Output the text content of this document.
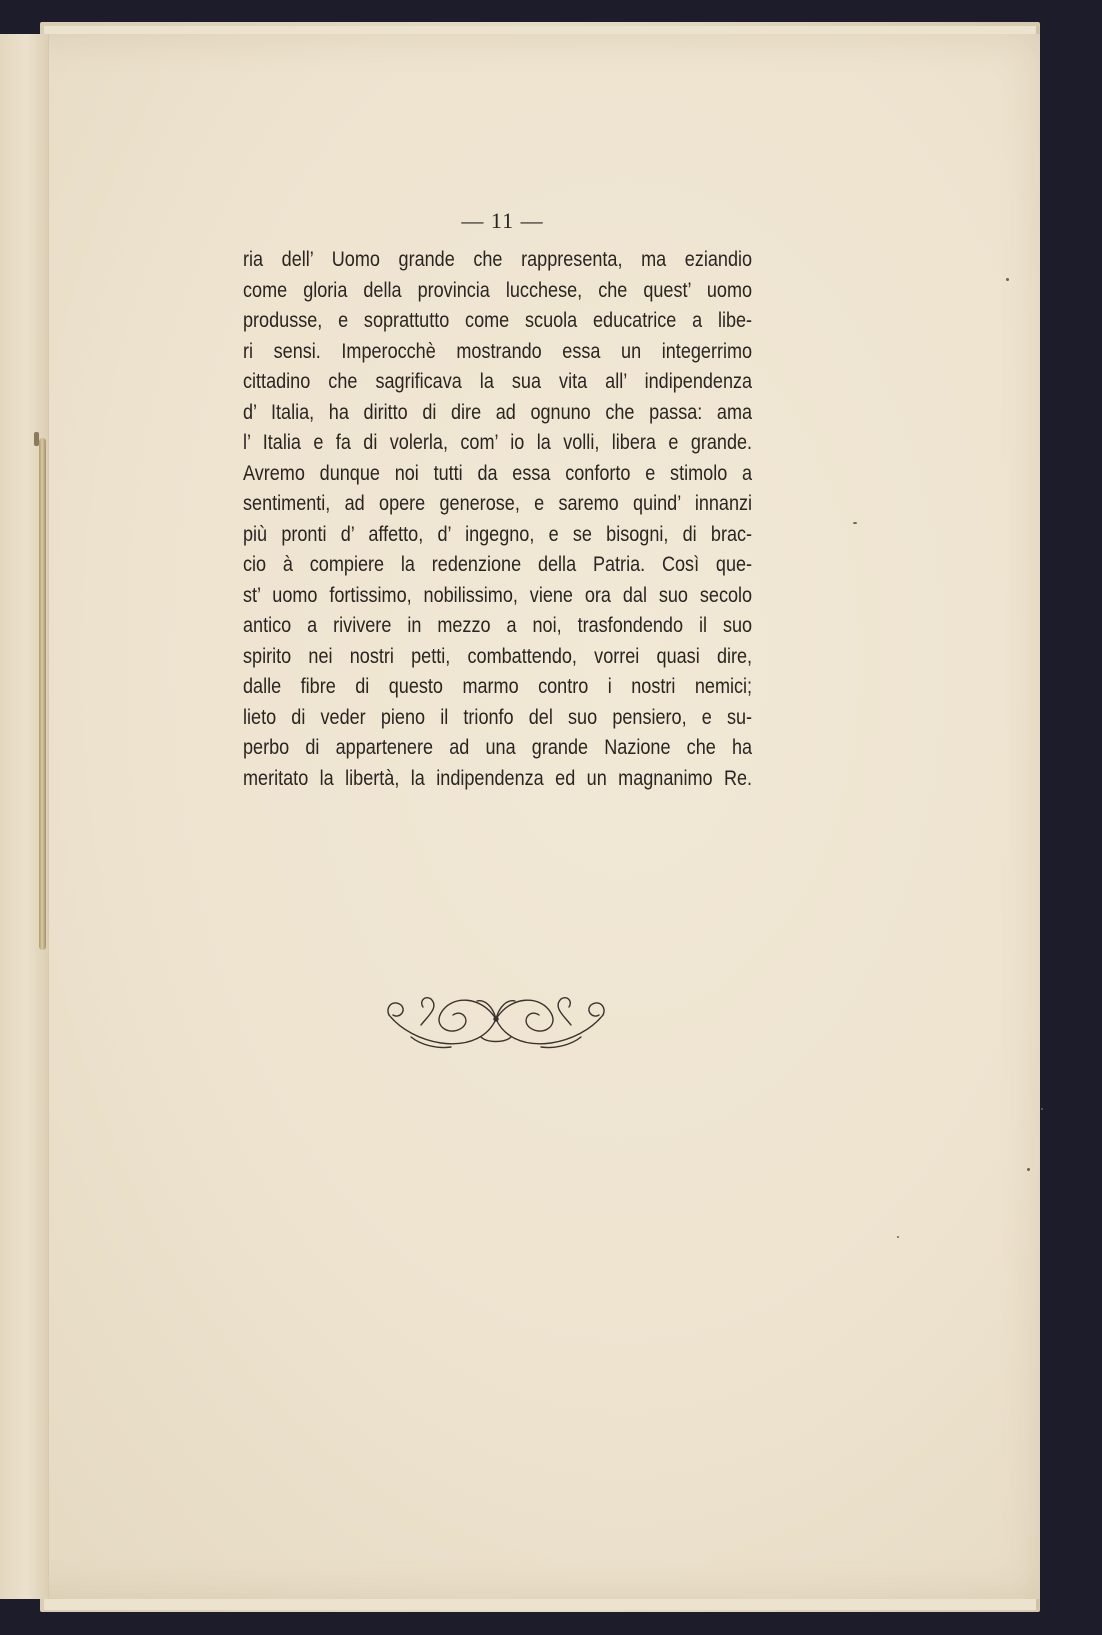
— 11 —
ria dell’ Uomo grande che rappresenta, ma eziandio
come gloria della provincia lucchese, che quest’ uomo
produsse, e soprattutto come scuola educatrice a libe-
ri sensi. Imperocchè mostrando essa un integerrimo
cittadino che sagrificava la sua vita all’ indipendenza
d’ Italia, ha diritto di dire ad ognuno che passa: ama
l’ Italia e fa di volerla, com’ io la volli, libera e grande.
Avremo dunque noi tutti da essa conforto e stimolo a
sentimenti, ad opere generose, e saremo quind’ innanzi
più pronti d’ affetto, d’ ingegno, e se bisogni, di brac-
cio à compiere la redenzione della Patria. Così que-
st’ uomo fortissimo, nobilissimo, viene ora dal suo secolo
antico a rivivere in mezzo a noi, trasfondendo il suo
spirito nei nostri petti, combattendo, vorrei quasi dire,
dalle fibre di questo marmo contro i nostri nemici;
lieto di veder pieno il trionfo del suo pensiero, e su-
perbo di appartenere ad una grande Nazione che ha
meritato la libertà, la indipendenza ed un magnanimo Re.
